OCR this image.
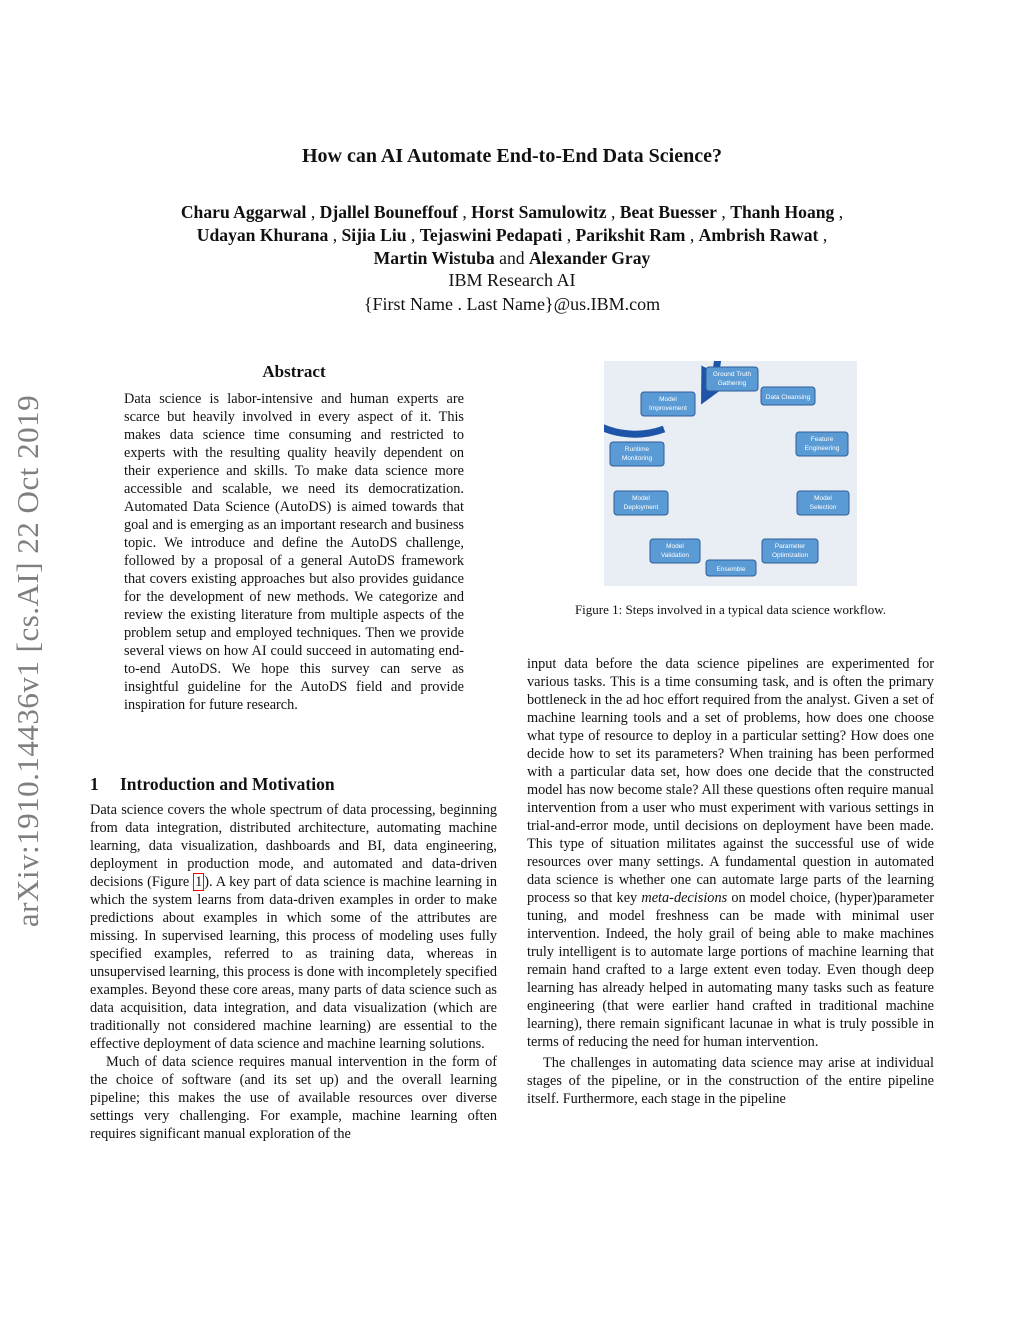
arXiv:1910.14436v1 [cs.AI] 22 Oct 2019
How can AI Automate End-to-End Data Science?
Charu Aggarwal , Djallel Bouneffouf , Horst Samulowitz , Beat Buesser , Thanh Hoang ,
Udayan Khurana , Sijia Liu , Tejaswini Pedapati , Parikshit Ram , Ambrish Rawat ,
Martin Wistuba and Alexander Gray
IBM Research AI
{First Name . Last Name}@us.IBM.com
Abstract
Data science is labor-intensive and human experts are scarce but heavily involved in every aspect of it. This makes data science time consuming and restricted to experts with the resulting quality heavily dependent on their experience and skills. To make data science more accessible and scalable, we need its democratization. Automated Data Science (AutoDS) is aimed towards that goal and is emerging as an important research and business topic. We introduce and define the AutoDS challenge, followed by a proposal of a general AutoDS framework that covers existing approaches but also provides guidance for the development of new methods. We categorize and review the existing literature from multiple aspects of the problem setup and employed techniques. Then we provide several views on how AI could succeed in automating end-to-end AutoDS. We hope this survey can serve as insightful guideline for the AutoDS field and provide inspiration for future research.
1 Introduction and Motivation

Data science covers the whole spectrum of data processing, beginning from data integration, distributed architecture, automating machine learning, data visualization, dashboards and BI, data engineering, deployment in production mode, and automated and data-driven decisions (Figure 1 ). A key part of data science is machine learning in which the system learns from data-driven examples in order to make predictions about examples in which some of the attributes are missing. In supervised learning, this process of modeling uses fully specified examples, referred to as training data, whereas in unsupervised learning, this process is done with incompletely specified examples. Beyond these core areas, many parts of data science such as data acquisition, data integration, and data visualization (which are traditionally not considered machine learning) are essential to the effective deployment of data science and machine learning solutions.

Much of data science requires manual intervention in the form of the choice of software (and its set up) and the overall learning pipeline; this makes the use of available resources over diverse settings very challenging. For example, machine learning often requires significant manual exploration of the

Ground Truth
Gathering
Data Cleansing
Feature
Engineering
Model
Selection
Parameter
Optimization
Ensemble
Model
Validation
Model
Deployment
Runtime
Monitoring
Model
Improvement
Figure 1: Steps involved in a typical data science workflow.

input data before the data science pipelines are experimented for various tasks. This is a time consuming task, and is often the primary bottleneck in the ad hoc effort required from the analyst. Given a set of machine learning tools and a set of problems, how does one choose what type of resource to deploy in a particular setting? How does one decide how to set its parameters? When training has been performed with a particular data set, how does one decide that the constructed model has now become stale? All these questions often require manual intervention from a user who must experiment with various settings in trial-and-error mode, until decisions on deployment have been made. This type of situation militates against the successful use of wide resources over many settings. A fundamental question in automated data science is whether one can automate large parts of the learning process so that key meta-decisions on model choice, (hyper)parameter tuning, and model freshness can be made with minimal user intervention. Indeed, the holy grail of being able to make machines truly intelligent is to automate large portions of machine learning that remain hand crafted to a large extent even today. Even though deep learning has already helped in automating many tasks such as feature engineering (that were earlier hand crafted in traditional machine learning), there remain significant lacunae in what is truly possible in terms of reducing the need for human intervention.

The challenges in automating data science may arise at individual stages of the pipeline, or in the construction of the entire pipeline itself. Furthermore, each stage in the pipeline
